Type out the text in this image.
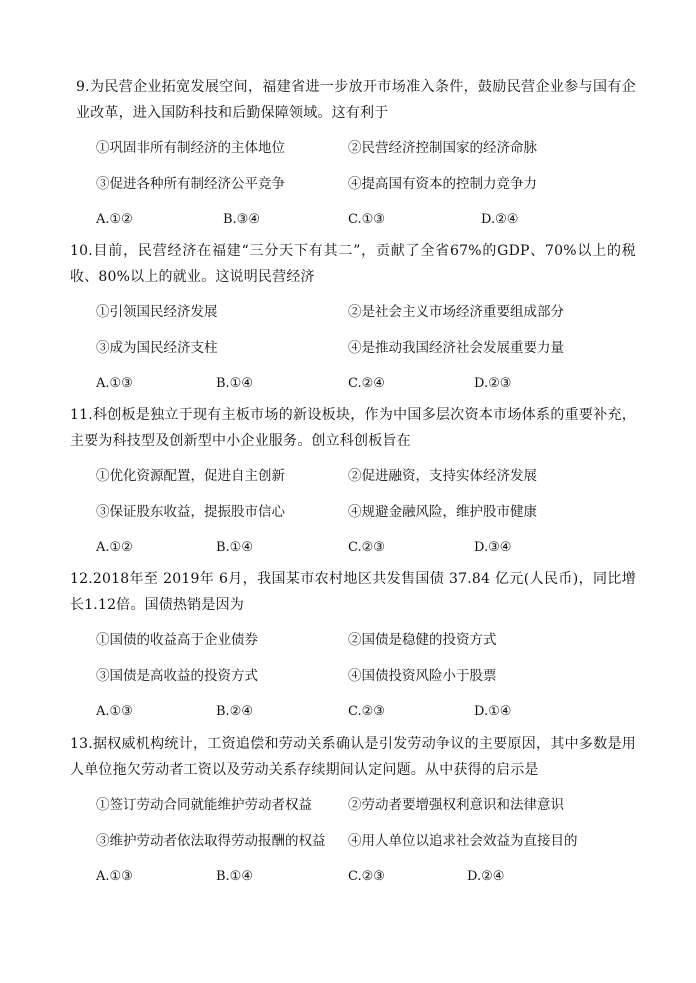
9.为民营企业拓宽发展空间，福建省进一步放开市场准入条件，鼓励民营企业参与国有企业改革，进入国防科技和后勤保障领域。这有利于
①巩固非所有制经济的主体地位	②民营经济控制国家的经济命脉
③促进各种所有制经济公平竞争	④提高国有资本的控制力竞争力
A.①②	B.③④	C.①③	D.②④
10.目前，民营经济在福建“三分天下有其二”，贡献了全省67%的GDP、70%以上的税收、80%以上的就业。这说明民营经济
①引领国民经济发展	②是社会主义市场经济重要组成部分
③成为国民经济支柱	④是推动我国经济社会发展重要力量
A.①③	B.①④	C.②④	D.②③
11.科创板是独立于现有主板市场的新设板块，作为中国多层次资本市场体系的重要补充，主要为科技型及创新型中小企业服务。创立科创板旨在
①优化资源配置，促进自主创新	②促进融资，支持实体经济发展
③保证股东收益，提振股市信心	④规避金融风险，维护股市健康
A.①②	B.①④	C.②③	D.③④
12.2018年至 2019年 6月，我国某市农村地区共发售国债 37.84 亿元(人民币)，同比增长1.12倍。国债热销是因为
①国债的收益高于企业债券	②国债是稳健的投资方式
③国债是高收益的投资方式	④国债投资风险小于股票
A.①③	B.②④	C.②③	D.①④
13.据权威机构统计，工资追偿和劳动关系确认是引发劳动争议的主要原因，其中多数是用人单位拖欠劳动者工资以及劳动关系存续期间认定问题。从中获得的启示是
①签订劳动合同就能维护劳动者权益	②劳动者要增强权利意识和法律意识
③维护劳动者依法取得劳动报酬的权益 ④用人单位以追求社会效益为直接目的
A.①③	B.①④	C.②③	D.②④
